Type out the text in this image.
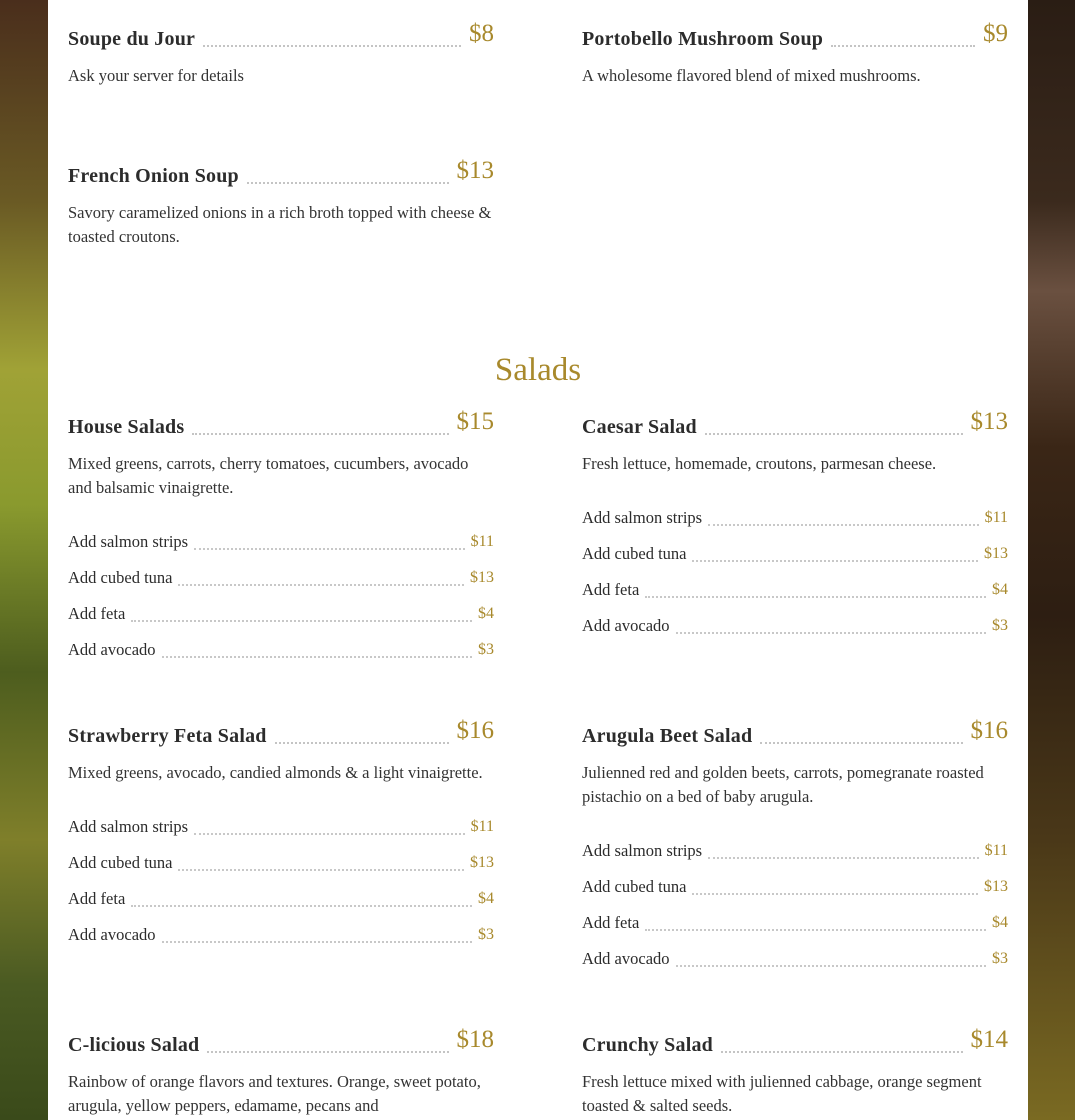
Soupe du Jour	$8
Ask your server for details
Portobello Mushroom Soup	$9
A wholesome flavored blend of mixed mushrooms.
French Onion Soup	$13
Savory caramelized onions in a rich broth topped with cheese & toasted croutons.
Salads
House Salads	$15
Mixed greens, carrots, cherry tomatoes, cucumbers, avocado and balsamic vinaigrette.
Add salmon strips	$11
Add cubed tuna	$13
Add feta	$4
Add avocado	$3
Caesar Salad	$13
Fresh lettuce, homemade, croutons, parmesan cheese.
Add salmon strips	$11
Add cubed tuna	$13
Add feta	$4
Add avocado	$3
Strawberry Feta Salad	$16
Mixed greens, avocado, candied almonds & a light vinaigrette.
Add salmon strips	$11
Add cubed tuna	$13
Add feta	$4
Add avocado	$3
Arugula Beet Salad	$16
Julienned red and golden beets, carrots, pomegranate roasted pistachio on a bed of baby arugula.
Add salmon strips	$11
Add cubed tuna	$13
Add feta	$4
Add avocado	$3
C-licious Salad	$18
Rainbow of orange flavors and textures. Orange, sweet potato, arugula, yellow peppers, edamame, pecans and
Crunchy Salad	$14
Fresh lettuce mixed with julienned cabbage, orange segment toasted & salted seeds.
